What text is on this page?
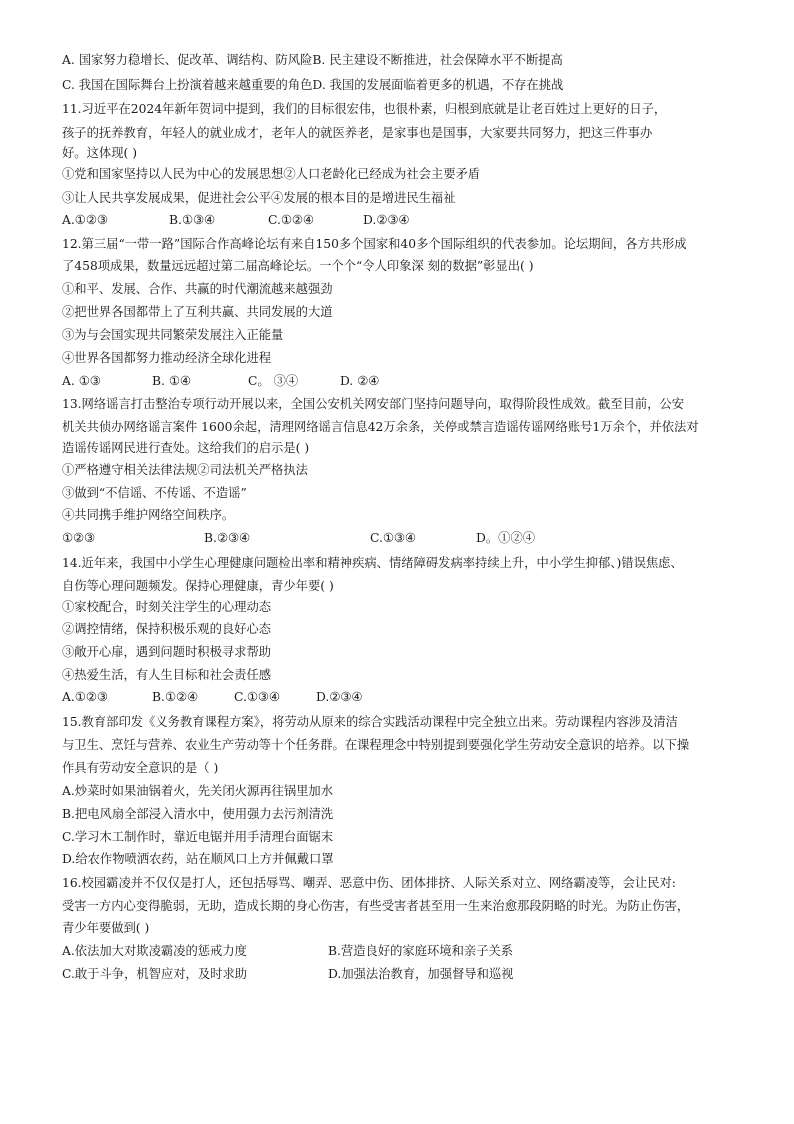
A. 国家努力稳增长、促改革、调结构、防风险B. 民主建设不断推进，社会保障水平不断提高
C. 我国在国际舞台上扮演着越来越重要的角色D. 我国的发展面临着更多的机遇，不存在挑战
11.习近平在2024年新年贺词中提到，我们的目标很宏伟，也很朴素，归根到底就是让老百姓过上更好的日子，
孩子的抚养教育，年轻人的就业成才，老年人的就医养老，是家事也是国事，大家要共同努力，把这三件事办
好。这体现( )
①党和国家坚持以人民为中心的发展思想②人口老龄化已经成为社会主要矛盾
③让人民共享发展成果，促进社会公平④发展的根本目的是增进民生福祉
A.①②③	B.①③④	C.①②④	D.②③④
12.第三届“一带一路”国际合作高峰论坛有来自150多个国家和40多个国际组织的代表参加。论坛期间，各方共形成
了458项成果，数量远远超过第二届高峰论坛。一个个“令人印象深 刻的数据”彰显出( )
①和平、发展、合作、共赢的时代潮流越来越强劲
②把世界各国都带上了互利共赢、共同发展的大道
③为与会国实现共同繁荣发展注入正能量
④世界各国都努力推动经济全球化进程
A. ①③	B. ①④	C。 ③④	D. ②④
13.网络谣言打击整治专项行动开展以来，全国公安机关网安部门坚持问题导向，取得阶段性成效。截至目前，公安
机关共侦办网络谣言案件 1600余起，清理网络谣言信息42万余条，关停或禁言造谣传谣网络账号1万余个，并依法对
造谣传谣网民进行查处。这给我们的启示是( )
①严格遵守相关法律法规②司法机关严格执法
③做到“不信谣、不传谣、不造谣”
④共同携手维护网络空间秩序。
①②③	B.②③④	C.①③④	D。①②④
14.近年来，我国中小学生心理健康问题检出率和精神疾病、情绪障碍发病率持续上升，中小学生抑郁、)错误焦虑、
自伤等心理问题频发。保持心理健康，青少年要( )
①家校配合，时刻关注学生的心理动态
②调控情绪，保持积极乐观的良好心态
③敞开心扉，遇到问题时积极寻求帮助
④热爱生活，有人生目标和社会责任感
A.①②③	B.①②④	C.①③④	D.②③④
15.教育部印发《义务教育课程方案》，将劳动从原来的综合实践活动课程中完全独立出来。劳动课程内容涉及清洁
与卫生、烹饪与营养、农业生产劳动等十个任务群。在课程理念中特别提到要强化学生劳动安全意识的培养。以下操
作具有劳动安全意识的是（ )
A.炒菜时如果油锅着火，先关闭火源再往锅里加水
B.把电风扇全部浸入清水中，使用强力去污剂清洗
C.学习木工制作时，靠近电锯并用手清理台面锯末
D.给农作物喷洒农药，站在顺风口上方并佩戴口罩
16.校园霸凌并不仅仅是打人，还包括辱骂、嘲弄、恶意中伤、团体排挤、人际关系对立、网络霸凌等，会让民对:
受害一方内心变得脆弱，无助，造成长期的身心伤害，有些受害者甚至用一生来治愈那段阴略的时光。为防止伤害，
青少年要做到( )
A.依法加大对欺凌霸凌的惩戒力度	B.营造良好的家庭环境和亲子关系
C.敢于斗争，机智应对，及时求助	D.加强法治教育，加强督导和巡视
